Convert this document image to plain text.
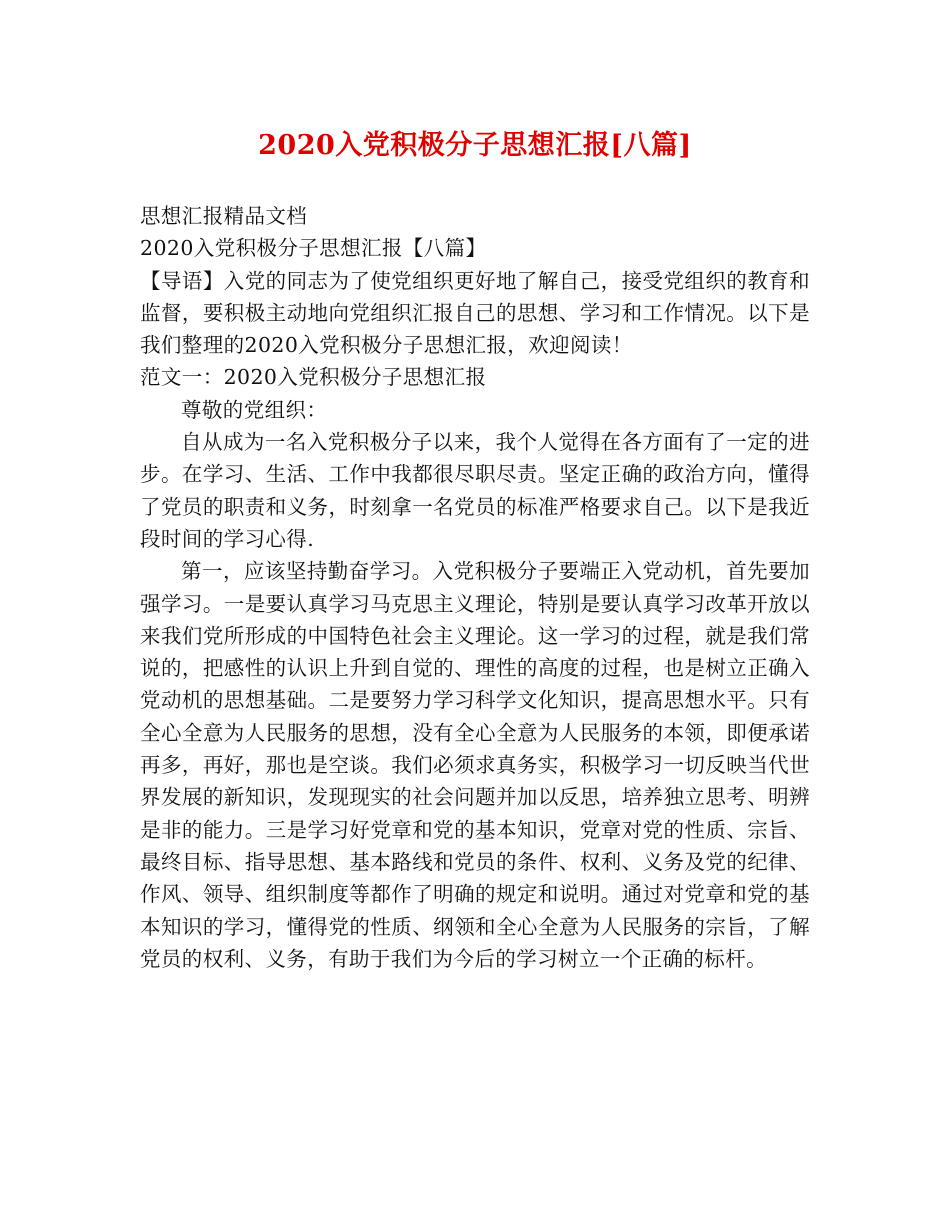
2020入党积极分子思想汇报[八篇]

思想汇报精品文档

2020入党积极分子思想汇报【八篇】

【导语】入党的同志为了使党组织更好地了解自己，接受党组织的教育和监督，要积极主动地向党组织汇报自己的思想、学习和工作情况。以下是我们整理的2020入党积极分子思想汇报，欢迎阅读！

范文一：2020入党积极分子思想汇报

尊敬的党组织：

自从成为一名入党积极分子以来，我个人觉得在各方面有了一定的进步。在学习、生活、工作中我都很尽职尽责。坚定正确的政治方向，懂得了党员的职责和义务，时刻拿一名党员的标准严格要求自己。以下是我近段时间的学习心得.

第一，应该坚持勤奋学习。入党积极分子要端正入党动机，首先要加强学习。一是要认真学习马克思主义理论，特别是要认真学习改革开放以来我们党所形成的中国特色社会主义理论。这一学习的过程，就是我们常说的，把感性的认识上升到自觉的、理性的高度的过程，也是树立正确入党动机的思想基础。二是要努力学习科学文化知识，提高思想水平。只有全心全意为人民服务的思想，没有全心全意为人民服务的本领，即便承诺再多，再好，那也是空谈。我们必须求真务实，积极学习一切反映当代世界发展的新知识，发现现实的社会问题并加以反思，培养独立思考、明辨是非的能力。三是学习好党章和党的基本知识，党章对党的性质、宗旨、最终目标、指导思想、基本路线和党员的条件、权利、义务及党的纪律、作风、领导、组织制度等都作了明确的规定和说明。通过对党章和党的基本知识的学习，懂得党的性质、纲领和全心全意为人民服务的宗旨，了解党员的权利、义务，有助于我们为今后的学习树立一个正确的标杆。
